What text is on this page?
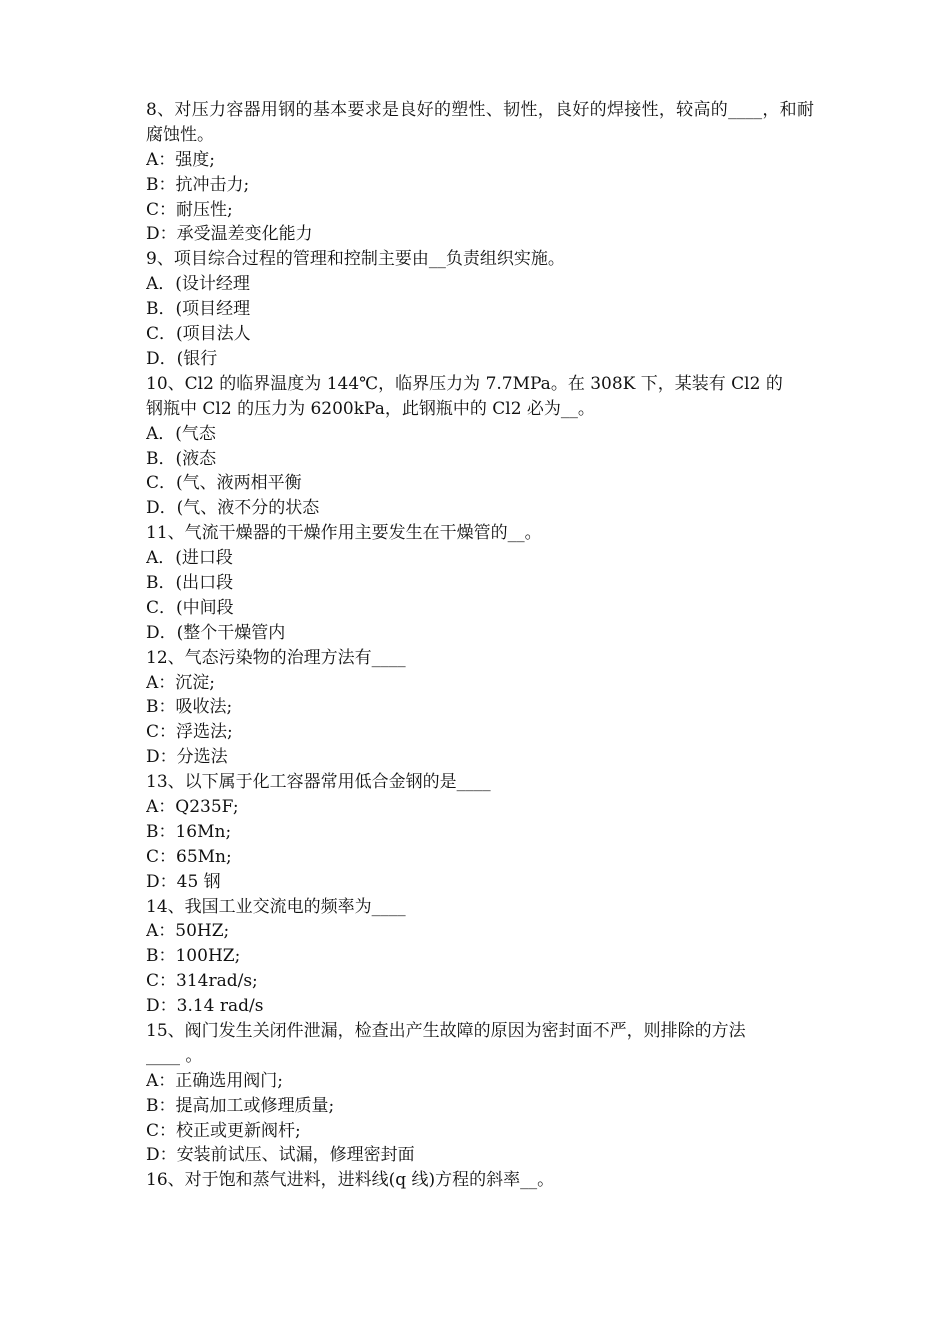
8、对压力容器用钢的基本要求是良好的塑性、韧性，良好的焊接性，较高的____，和耐腐蚀性。
A：强度;
B：抗冲击力;
C：耐压性;
D：承受温差变化能力
9、项目综合过程的管理和控制主要由__负责组织实施。
A．(设计经理
B．(项目经理
C．(项目法人
D．(银行
10、Cl2 的临界温度为 144℃，临界压力为 7.7MPa。在 308K 下，某装有 Cl2 的
钢瓶中 Cl2 的压力为 6200kPa，此钢瓶中的 Cl2 必为__。
A．(气态
B．(液态
C．(气、液两相平衡
D．(气、液不分的状态
11、气流干燥器的干燥作用主要发生在干燥管的__。
A．(进口段
B．(出口段
C．(中间段
D．(整个干燥管内
12、气态污染物的治理方法有____
A：沉淀;
B：吸收法;
C：浮选法;
D：分选法
13、以下属于化工容器常用低合金钢的是____
A：Q235F;
B：16Mn;
C：65Mn;
D：45 钢
14、我国工业交流电的频率为____
A：50HZ;
B：100HZ;
C：314rad/s;
D：3.14 rad/s
15、阀门发生关闭件泄漏，检查出产生故障的原因为密封面不严，则排除的方法
____ 。
A：正确选用阀门;
B：提高加工或修理质量;
C：校正或更新阀杆;
D：安装前试压、试漏，修理密封面
16、对于饱和蒸气进料，进料线(q 线)方程的斜率__。
